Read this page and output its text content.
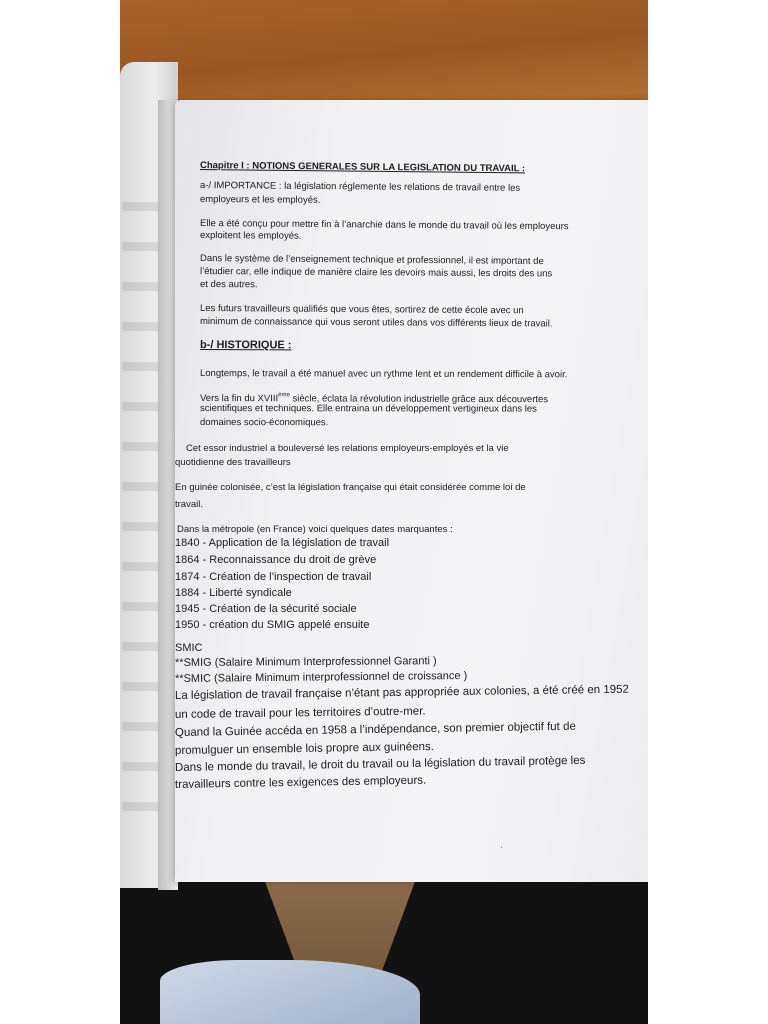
Chapitre I : NOTIONS GENERALES SUR LA LEGISLATION DU TRAVAIL :
a-/ IMPORTANCE : la législation réglemente les relations de travail entre les
employeurs et les employés.
Elle a été conçu pour mettre fin à l’anarchie dans le monde du travail où les employeurs
exploitent les employés.
Dans le système de l’enseignement technique et professionnel, il est important de
l’étudier car, elle indique de manière claire les devoirs mais aussi, les droits des uns
et des autres.
Les futurs travailleurs qualifiés que vous êtes, sortirez de cette école avec un
minimum de connaissance qui vous seront utiles dans vos différents lieux de travail.
b-/ HISTORIQUE :
Longtemps, le travail a été manuel avec un rythme lent et un rendement difficile à avoir.
Vers la fin du XVIIIème siècle, éclata la révolution industrielle grâce aux découvertes
scientifiques et techniques. Elle entraina un développement vertigineux dans les
domaines socio-économiques.
Cet essor industriel a bouleversé les relations employeurs-employés et la vie
quotidienne des travailleurs
En guinée colonisée, c’est la législation française qui était considérée comme loi de
travail.
Dans la métropole (en France) voici quelques dates marquantes :
1840 - Application de la législation de travail
1864 - Reconnaissance du droit de grève
1874 - Création de l’inspection de travail
1884 - Liberté syndicale
1945 - Création de la sécurité sociale
1950 - création du SMIG appelé ensuite
SMIC
**SMIG (Salaire Minimum Interprofessionnel Garanti )
**SMIC (Salaire Minimum interprofessionnel de croissance )
La législation de travail française n’étant pas appropriée aux colonies, a été créé en 1952
un code de travail pour les territoires d’outre-mer.
Quand la Guinée accéda en 1958 a l’indépendance, son premier objectif fut de
promulguer un ensemble lois propre aux guinéens.
Dans le monde du travail, le droit du travail ou la législation du travail protège les
travailleurs contre les exigences des employeurs.
ˈ
